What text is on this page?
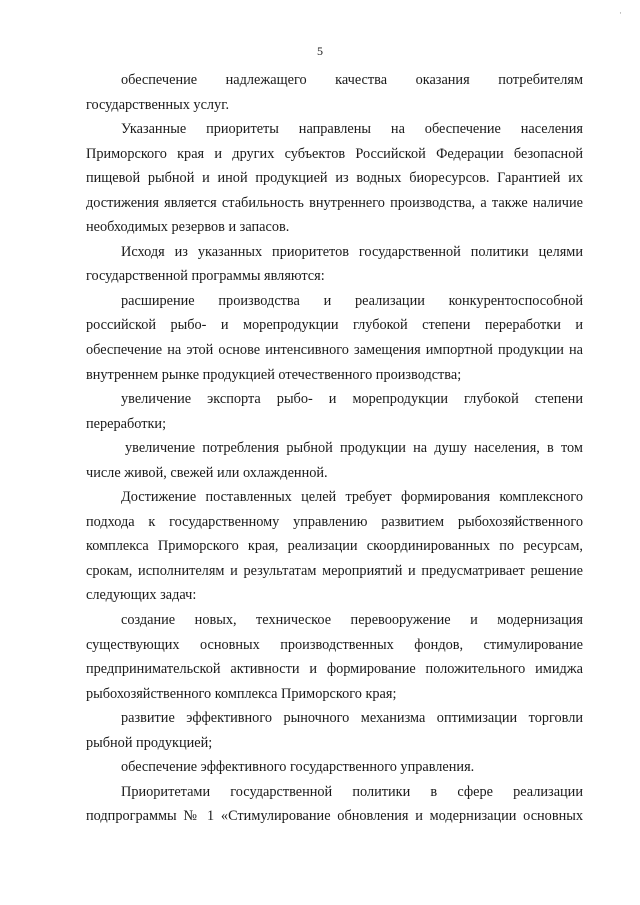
·
5
обеспечение надлежащего качества оказания потребителям
государственных услуг.
Указанные приоритеты направлены на обеспечение населения
Приморского края и других субъектов Российской Федерации безопасной
пищевой рыбной и иной продукцией из водных биоресурсов. Гарантией их
достижения является стабильность внутреннего производства, а также наличие
необходимых резервов и запасов.
Исходя из указанных приоритетов государственной политики целями
государственной программы являются:
расширение производства и реализации конкурентоспособной
российской рыбо- и морепродукции глубокой степени переработки и
обеспечение на этой основе интенсивного замещения импортной продукции на
внутреннем рынке продукцией отечественного производства;
увеличение экспорта рыбо- и морепродукции глубокой степени
переработки;
увеличение потребления рыбной продукции на душу населения, в том
числе живой, свежей или охлажденной.
Достижение поставленных целей требует формирования комплексного
подхода к государственному управлению развитием рыбохозяйственного
комплекса Приморского края, реализации скоординированных по ресурсам,
срокам, исполнителям и результатам мероприятий и предусматривает решение
следующих задач:
создание новых, техническое перевооружение и модернизация
существующих основных производственных фондов, стимулирование
предпринимательской активности и формирование положительного имиджа
рыбохозяйственного комплекса Приморского края;
развитие эффективного рыночного механизма оптимизации торговли
рыбной продукцией;
обеспечение эффективного государственного управления.
Приоритетами государственной политики в сфере реализации
подпрограммы № 1 «Стимулирование обновления и модернизации основных
